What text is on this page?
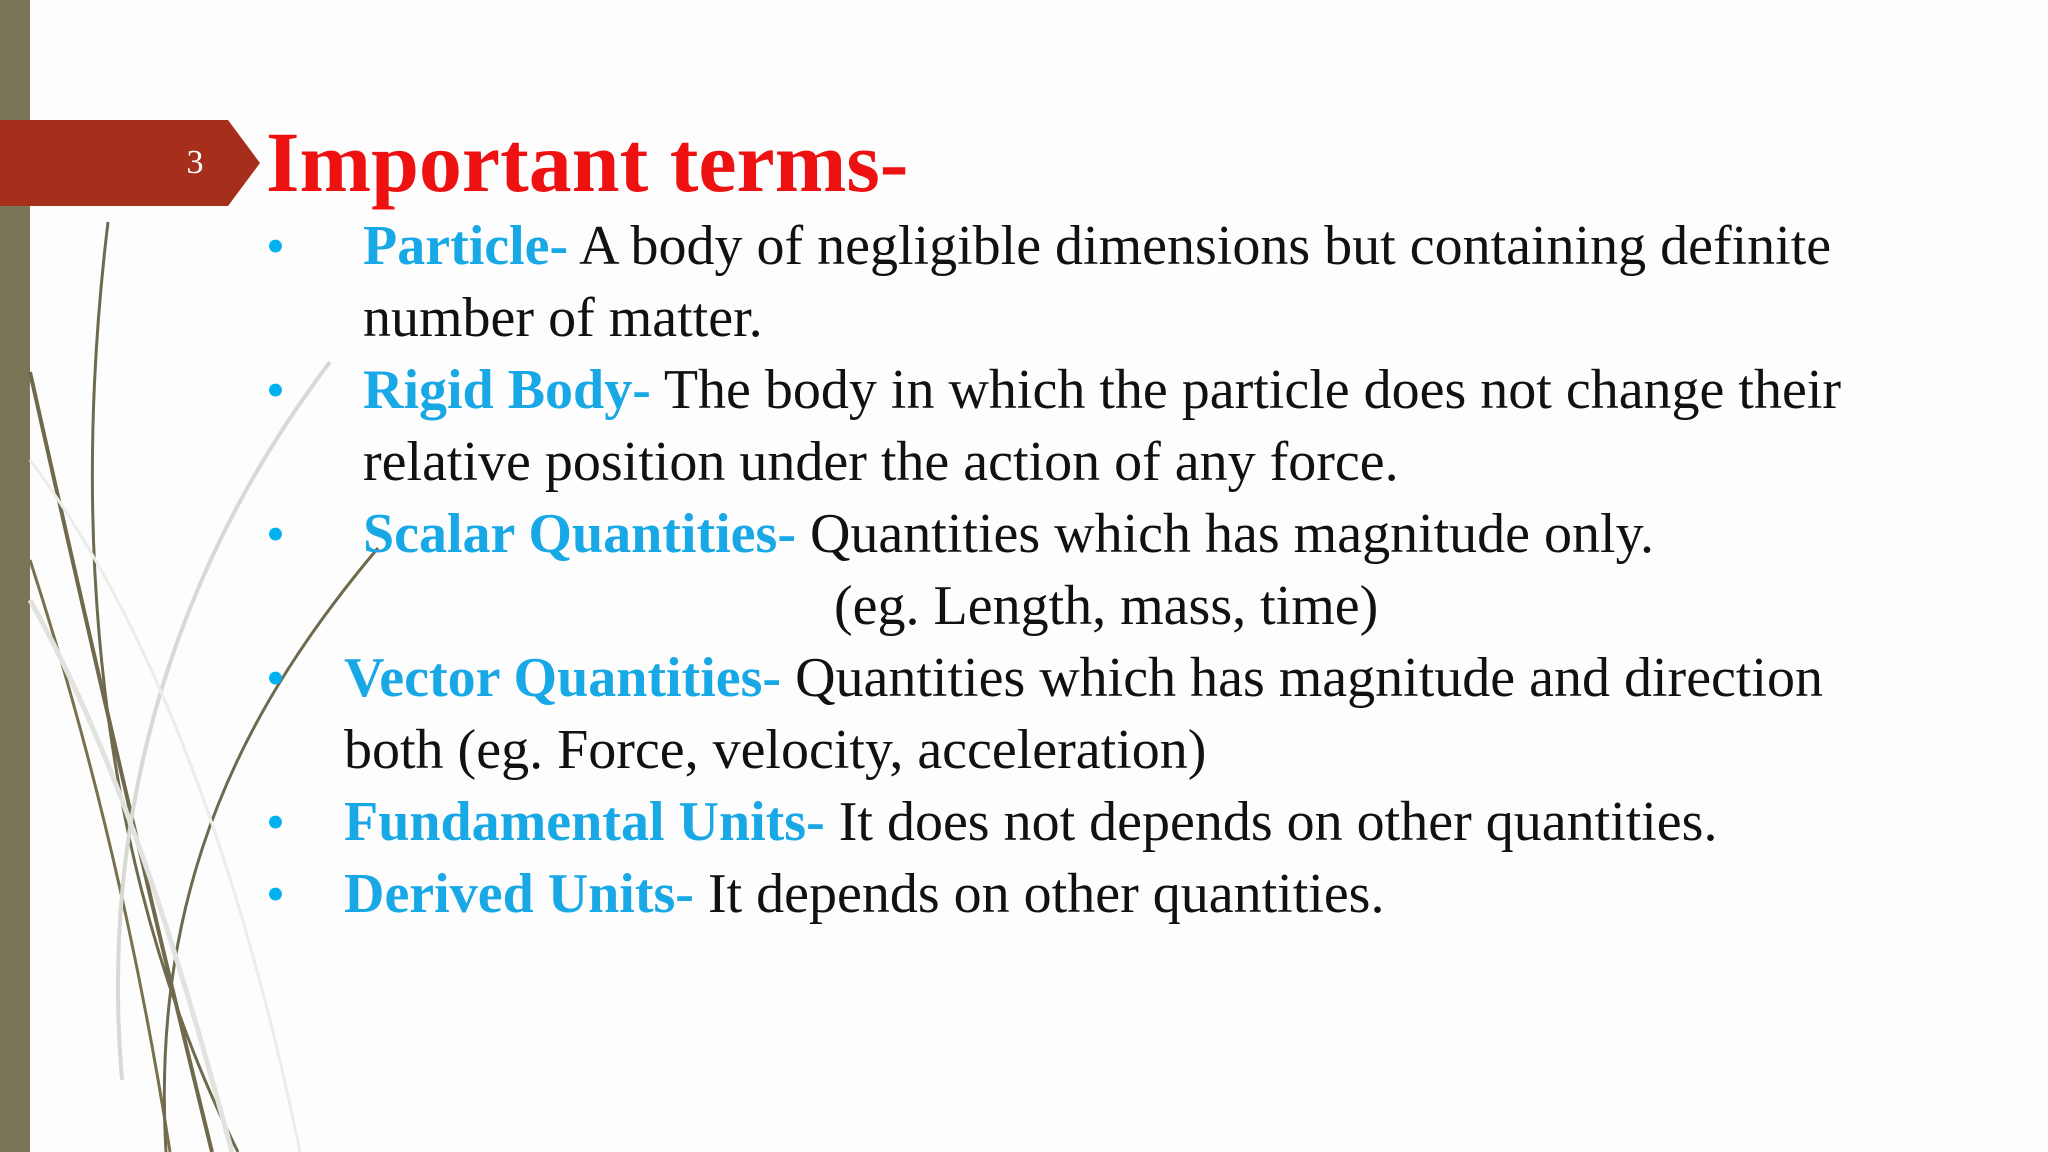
3 Important terms-
• Particle- A body of negligible dimensions but containing definite
number of matter.
• Rigid Body- The body in which the particle does not change their
relative position under the action of any force.
• Scalar Quantities- Quantities which has magnitude only.
(eg. Length, mass, time)
• Vector Quantities- Quantities which has magnitude and direction
both (eg. Force, velocity, acceleration)
• Fundamental Units- It does not depends on other quantities.
• Derived Units- It depends on other quantities.
